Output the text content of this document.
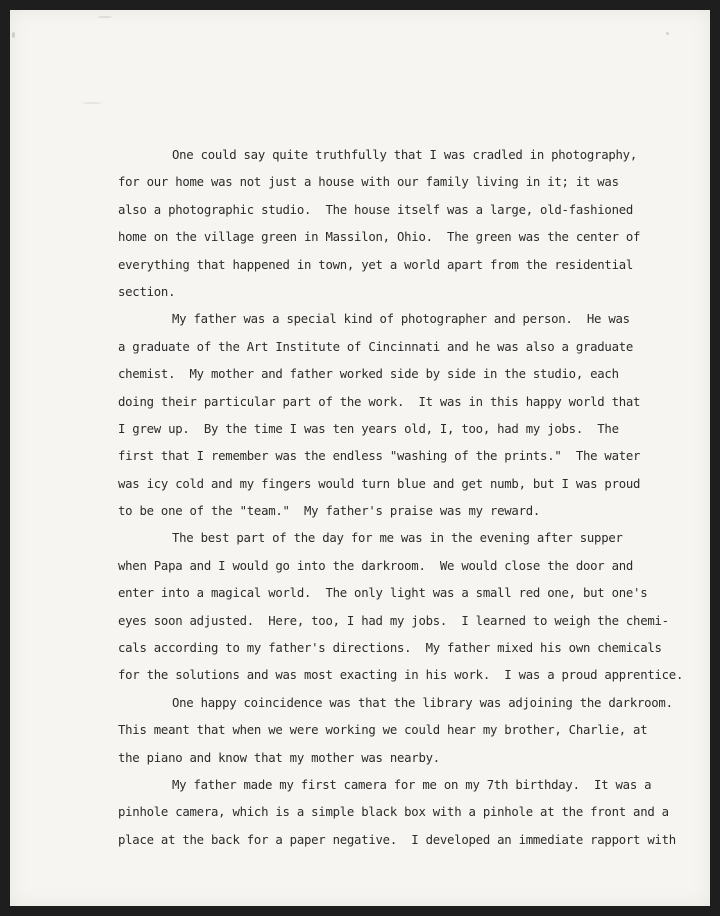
One could say quite truthfully that I was cradled in photography,
for our home was not just a house with our family living in it; it was
also a photographic studio.  The house itself was a large, old-fashioned
home on the village green in Massilon, Ohio.  The green was the center of
everything that happened in town, yet a world apart from the residential
section.
My father was a special kind of photographer and person.  He was
a graduate of the Art Institute of Cincinnati and he was also a graduate
chemist.  My mother and father worked side by side in the studio, each
doing their particular part of the work.  It was in this happy world that
I grew up.  By the time I was ten years old, I, too, had my jobs.  The
first that I remember was the endless "washing of the prints."  The water
was icy cold and my fingers would turn blue and get numb, but I was proud
to be one of the "team."  My father's praise was my reward.
The best part of the day for me was in the evening after supper
when Papa and I would go into the darkroom.  We would close the door and
enter into a magical world.  The only light was a small red one, but one's
eyes soon adjusted.  Here, too, I had my jobs.  I learned to weigh the chemi-
cals according to my father's directions.  My father mixed his own chemicals
for the solutions and was most exacting in his work.  I was a proud apprentice.
One happy coincidence was that the library was adjoining the darkroom.
This meant that when we were working we could hear my brother, Charlie, at
the piano and know that my mother was nearby.
My father made my first camera for me on my 7th birthday.  It was a
pinhole camera, which is a simple black box with a pinhole at the front and a
place at the back for a paper negative.  I developed an immediate rapport with
